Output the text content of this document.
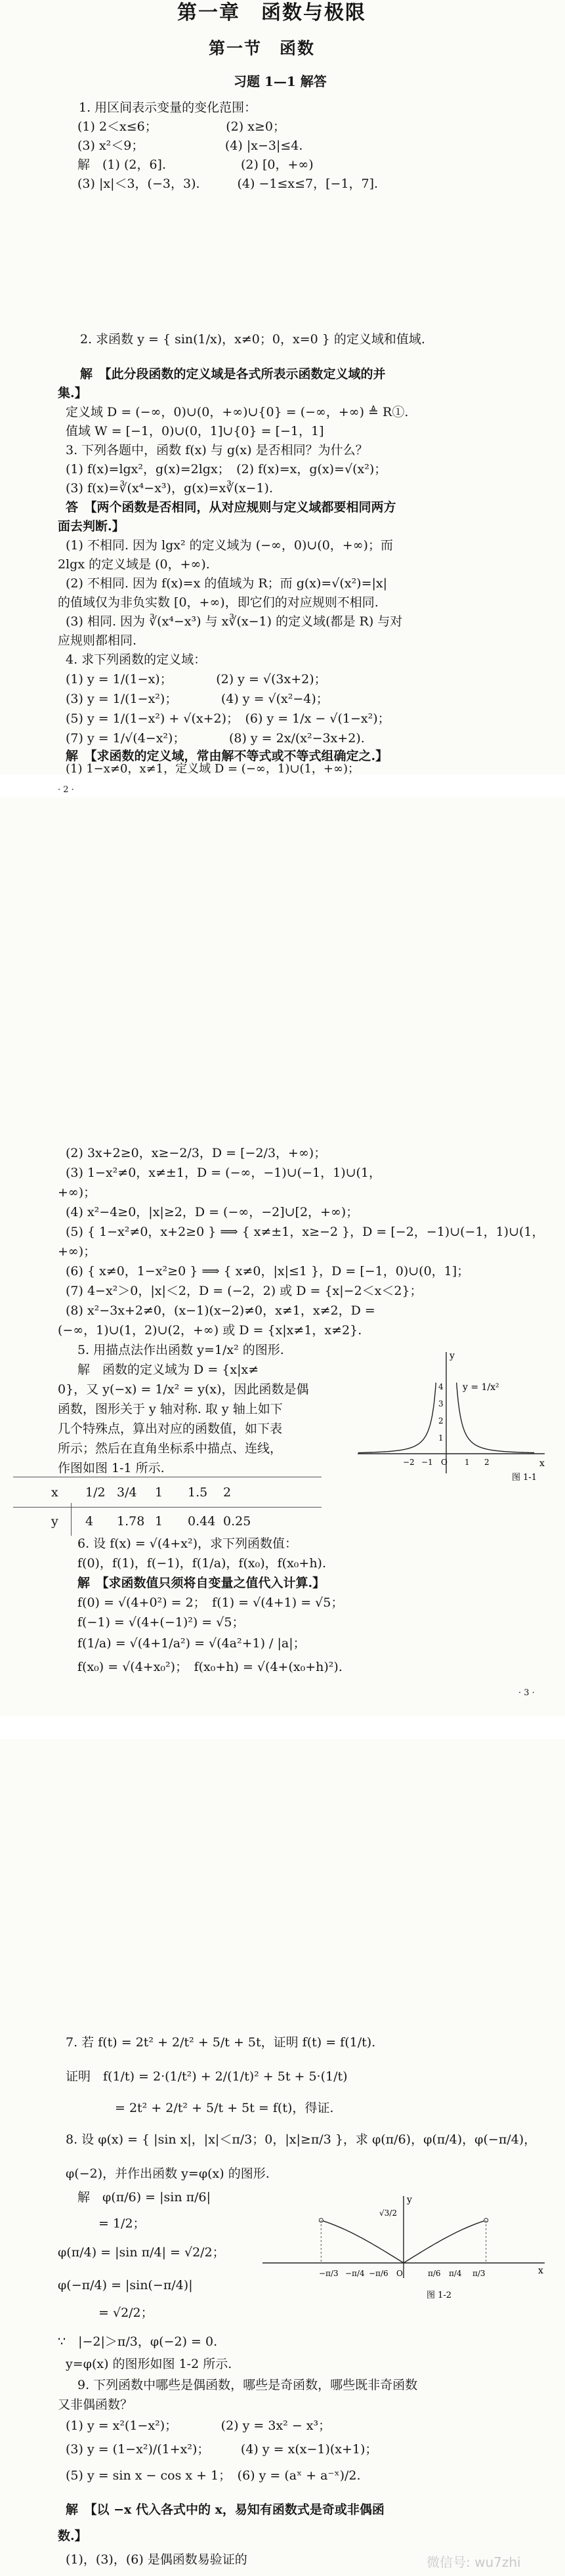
第一章　函数与极限
第一节　函数
习题 1—1 解答
1. 用区间表示变量的变化范围：
(1) 2＜x≤6；　　　　　　(2) x≥0；
(3) x²＜9；　　　　　　　(4) |x−3|≤4.
解　(1) (2，6].　　　　　　(2) [0，+∞)
(3) |x|＜3，(−3，3).　　　(4) −1≤x≤7，[−1，7].
2. 求函数 y = { sin(1/x)，x≠0；0，x=0 } 的定义域和值域.
解　【此分段函数的定义域是各式所表示函数定义域的并
集.】
定义域 D = (−∞，0)∪(0，+∞)∪{0} = (−∞，+∞) ≜ R①.
值域 W = [−1，0)∪(0，1]∪{0} = [−1，1]
3. 下列各题中，函数 f(x) 与 g(x) 是否相同？为什么？
(1) f(x)=lgx²，g(x)=2lgx；　(2) f(x)=x，g(x)=√(x²)；
(3) f(x)=∛(x⁴−x³)，g(x)=x∛(x−1).
答　【两个函数是否相同，从对应规则与定义域都要相同两方
面去判断.】
(1) 不相同. 因为 lgx² 的定义域为 (−∞，0)∪(0，+∞)；而
2lgx 的定义域是 (0，+∞).
(2) 不相同. 因为 f(x)=x 的值域为 R；而 g(x)=√(x²)=|x|
的值域仅为非负实数 [0，+∞)，即它们的对应规则不相同.
(3) 相同. 因为 ∛(x⁴−x³) 与 x∛(x−1) 的定义域(都是 R) 与对
应规则都相同.
4. 求下列函数的定义域：
(1) y = 1/(1−x)；　　　　(2) y = √(3x+2)；
(3) y = 1/(1−x²)；　　　　(4) y = √(x²−4)；
(5) y = 1/(1−x²) + √(x+2)；　(6) y = 1/x − √(1−x²)；
(7) y = 1/√(4−x²)；　　　　(8) y = 2x/(x²−3x+2).
解　【求函数的定义域，常由解不等式或不等式组确定之.】
(1) 1−x≠0，x≠1，定义域 D = (−∞，1)∪(1，+∞)；
· 2 ·
(2) 3x+2≥0，x≥−2/3，D = [−2/3，+∞)；
(3) 1−x²≠0，x≠±1，D = (−∞，−1)∪(−1，1)∪(1，
+∞)；
(4) x²−4≥0，|x|≥2，D = (−∞，−2]∪[2，+∞)；
(5) { 1−x²≠0，x+2≥0 } ⟹ { x≠±1，x≥−2 }，D = [−2，−1)∪(−1，1)∪(1，
+∞)；
(6) { x≠0，1−x²≥0 } ⟹ { x≠0，|x|≤1 }，D = [−1，0)∪(0，1]；
(7) 4−x²＞0，|x|＜2，D = (−2，2) 或 D = {x|−2＜x＜2}；
(8) x²−3x+2≠0，(x−1)(x−2)≠0，x≠1，x≠2，D =
(−∞，1)∪(1，2)∪(2，+∞) 或 D = {x|x≠1，x≠2}.
5. 用描点法作出函数 y=1/x² 的图形.
解　函数的定义域为 D = {x|x≠
0}，又 y(−x) = 1/x² = y(x)，因此函数是偶
函数，图形关于 y 轴对称. 取 y 轴上如下
几个特殊点，算出对应的函数值，如下表
所示；然后在直角坐标系中描点、连线，
作图如图 1-1 所示.
x 1/2 3/4 1 1.5 2
y 4 1.78 1 0.44 0.25
6. 设 f(x) = √(4+x²)，求下列函数值：
f(0)，f(1)，f(−1)，f(1/a)，f(x₀)，f(x₀+h).
解　【求函数值只须将自变量之值代入计算.】
f(0) = √(4+0²) = 2；　f(1) = √(4+1) = √5；
f(−1) = √(4+(−1)²) = √5；
f(1/a) = √(4+1/a²) = √(4a²+1) / |a|；
f(x₀) = √(4+x₀²)；　f(x₀+h) = √(4+(x₀+h)²).
· 3 ·
x
y
y = 1/x²
1
2
3
4
−2 −1 O 1 2
图 1-1
7. 若 f(t) = 2t² + 2/t² + 5/t + 5t，证明 f(t) = f(1/t).
证明　f(1/t) = 2·(1/t²) + 2/(1/t)² + 5t + 5·(1/t)
= 2t² + 2/t² + 5/t + 5t = f(t)，得证.
8. 设 φ(x) = { |sin x|，|x|＜π/3；0，|x|≥π/3 }，求 φ(π/6)，φ(π/4)，φ(−π/4)，
φ(−2)，并作出函数 y=φ(x) 的图形.
解　φ(π/6) = |sin π/6|
= 1/2；
φ(π/4) = |sin π/4| = √2/2；
φ(−π/4) = |sin(−π/4)|
= √2/2；
∵　|−2|＞π/3，φ(−2) = 0.
y=φ(x) 的图形如图 1-2 所示.
9. 下列函数中哪些是偶函数，哪些是奇函数，哪些既非奇函数
又非偶函数？
(1) y = x²(1−x²)；　　　　(2) y = 3x² − x³；
(3) y = (1−x²)/(1+x²)；　　　(4) y = x(x−1)(x+1)；
(5) y = sin x − cos x + 1；　(6) y = (aˣ + a⁻ˣ)/2.
解　【以 −x 代入各式中的 x，易知有函数式是奇或非偶函
数.】
(1)，(3)，(6) 是偶函数易验证的
x
y
√3/2
−π/3 −π/4 −π/6 O	π/6 π/4 π/3
图 1-2
微信号: wu7zhi
